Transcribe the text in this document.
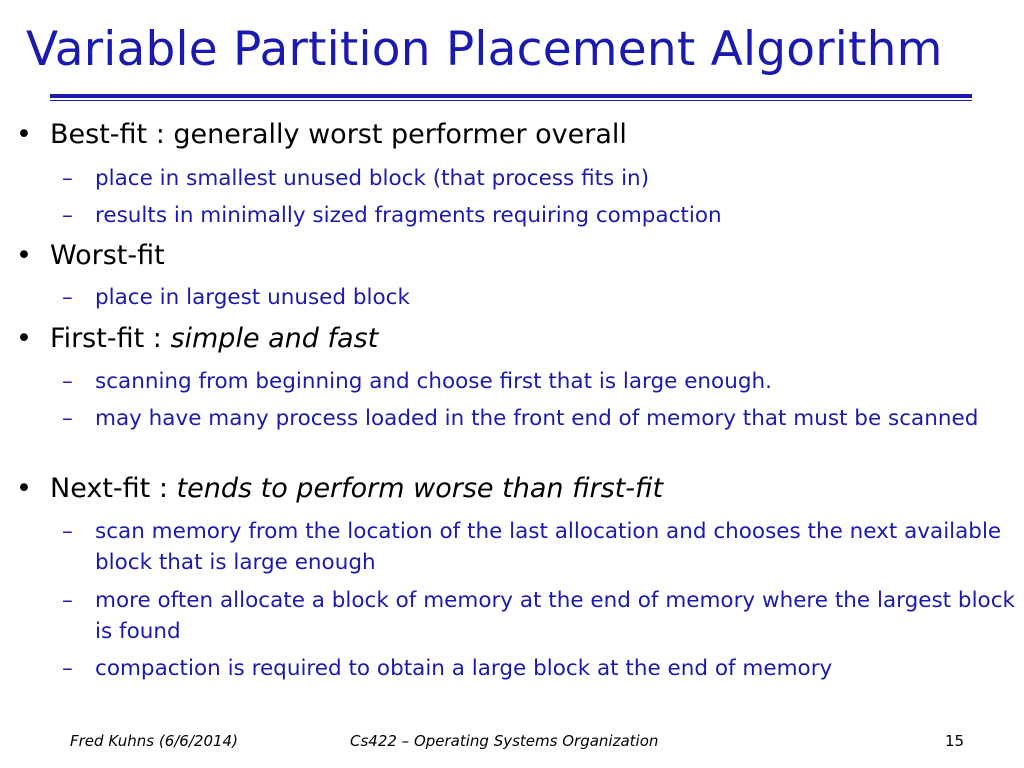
Variable Partition Placement Algorithm
• Best-fit : generally worst performer overall
– place in smallest unused block (that process fits in)
– results in minimally sized fragments requiring compaction
• Worst-fit
– place in largest unused block
• First-fit : simple and fast
– scanning from beginning and choose first that is large enough.
– may have many process loaded in the front end of memory that must be scanned
• Next-fit : tends to perform worse than first-fit
– scan memory from the location of the last allocation and chooses the next available block that is large enough
– more often allocate a block of memory at the end of memory where the largest block is found
– compaction is required to obtain a large block at the end of memory
Fred Kuhns (6/6/2014)	Cs422 – Operating Systems Organization	15
